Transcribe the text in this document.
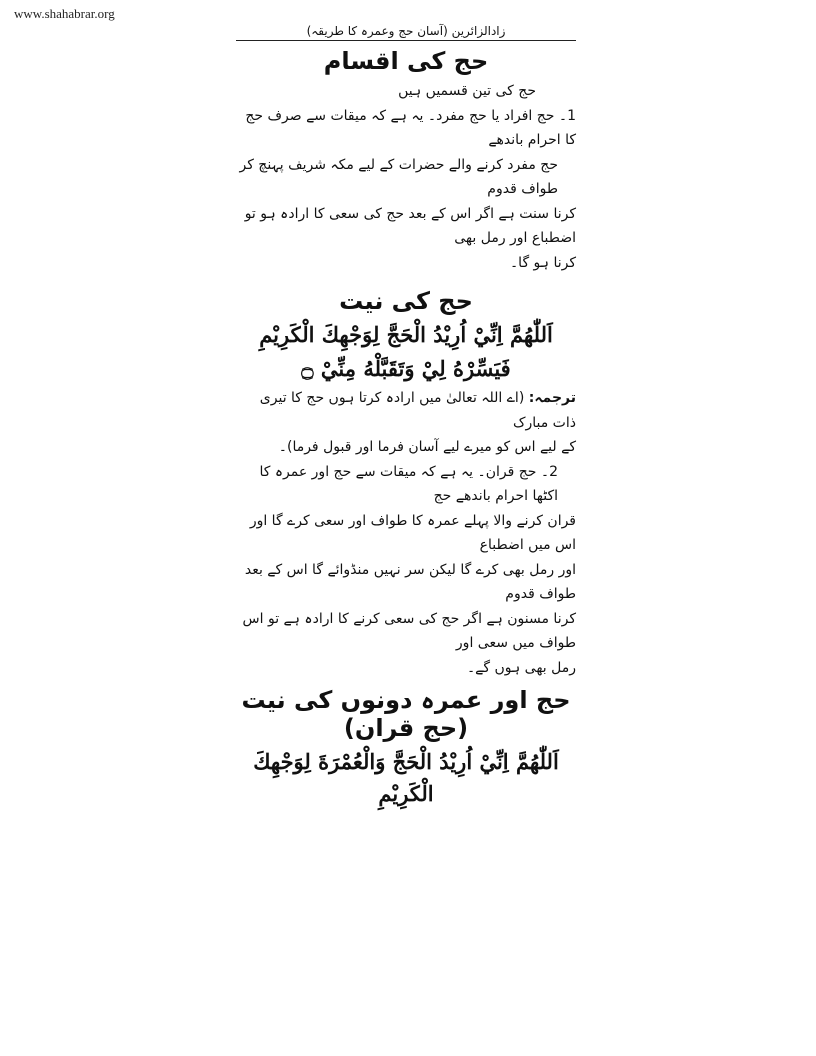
www.shahabrar.org
زادالزائرین (آسان حج وعمرہ کا طریقہ)
حج کی اقسام

حج کی تین قسمیں ہیں

1۔ حج افراد یا حج مفرد۔ یہ ہے کہ میقات سے صرف حج کا احرام باندھے

حج مفرد کرنے والے حضرات کے لیے مکہ شریف پہنچ کر طواف قدوم

کرنا سنت ہے اگر اس کے بعد حج کی سعی کا ارادہ ہو تو اضطباع اور رمل بھی

کرنا ہو گا۔

حج کی نیت
اَللّٰهُمَّ اِنِّيْ اُرِيْدُ الْحَجَّ لِوَجْهِكَ الْكَرِيْمِ
فَيَسِّرْهُ لِيْ وَتَقَبَّلْهُ مِنِّيْ ۝

ترجمہ: (اے اللہ تعالیٰ میں ارادہ کرتا ہوں حج کا تیری ذات مبارک

کے لیے اس کو میرے لیے آسان فرما اور قبول فرما)۔

2۔ حج قران۔ یہ ہے کہ میقات سے حج اور عمرہ کا اکٹھا احرام باندھے حج

قران کرنے والا پہلے عمرہ کا طواف اور سعی کرے گا اور اس میں اضطباع

اور رمل بھی کرے گا لیکن سر نہیں منڈوائے گا اس کے بعد طواف قدوم

کرنا مسنون ہے اگر حج کی سعی کرنے کا ارادہ ہے تو اس طواف میں سعی اور

رمل بھی ہوں گے۔

حج اور عمرہ دونوں کی نیت (حج قران)
اَللّٰهُمَّ اِنِّيْ اُرِيْدُ الْحَجَّ وَالْعُمْرَةَ لِوَجْهِكَ الْكَرِيْمِ
